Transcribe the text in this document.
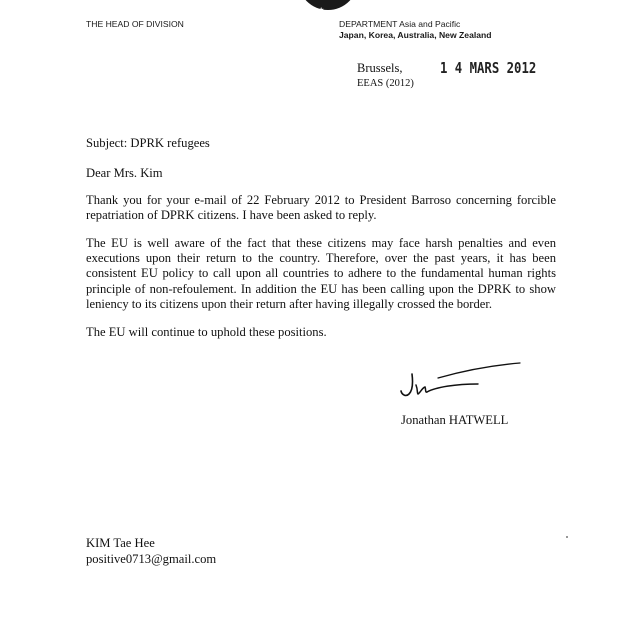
★
THE HEAD OF DIVISION	DEPARTMENT Asia and Pacific
Japan, Korea, Australia, New Zealand
Brussels,
EEAS (2012)
1 4 MARS 2012
Subject: DPRK refugees
Dear Mrs. Kim
Thank you for your e-mail of 22 February 2012 to President Barroso concerning forcible repatriation of DPRK citizens. I have been asked to reply.
The EU is well aware of the fact that these citizens may face harsh penalties and even executions upon their return to the country. Therefore, over the past years, it has been consistent EU policy to call upon all countries to adhere to the fundamental human rights principle of non-refoulement. In addition the EU has been calling upon the DPRK to show leniency to its citizens upon their return after having illegally crossed the border.
The EU will continue to uphold these positions.
Jonathan HATWELL
KIM Tae Hee
positive0713@gmail.com
